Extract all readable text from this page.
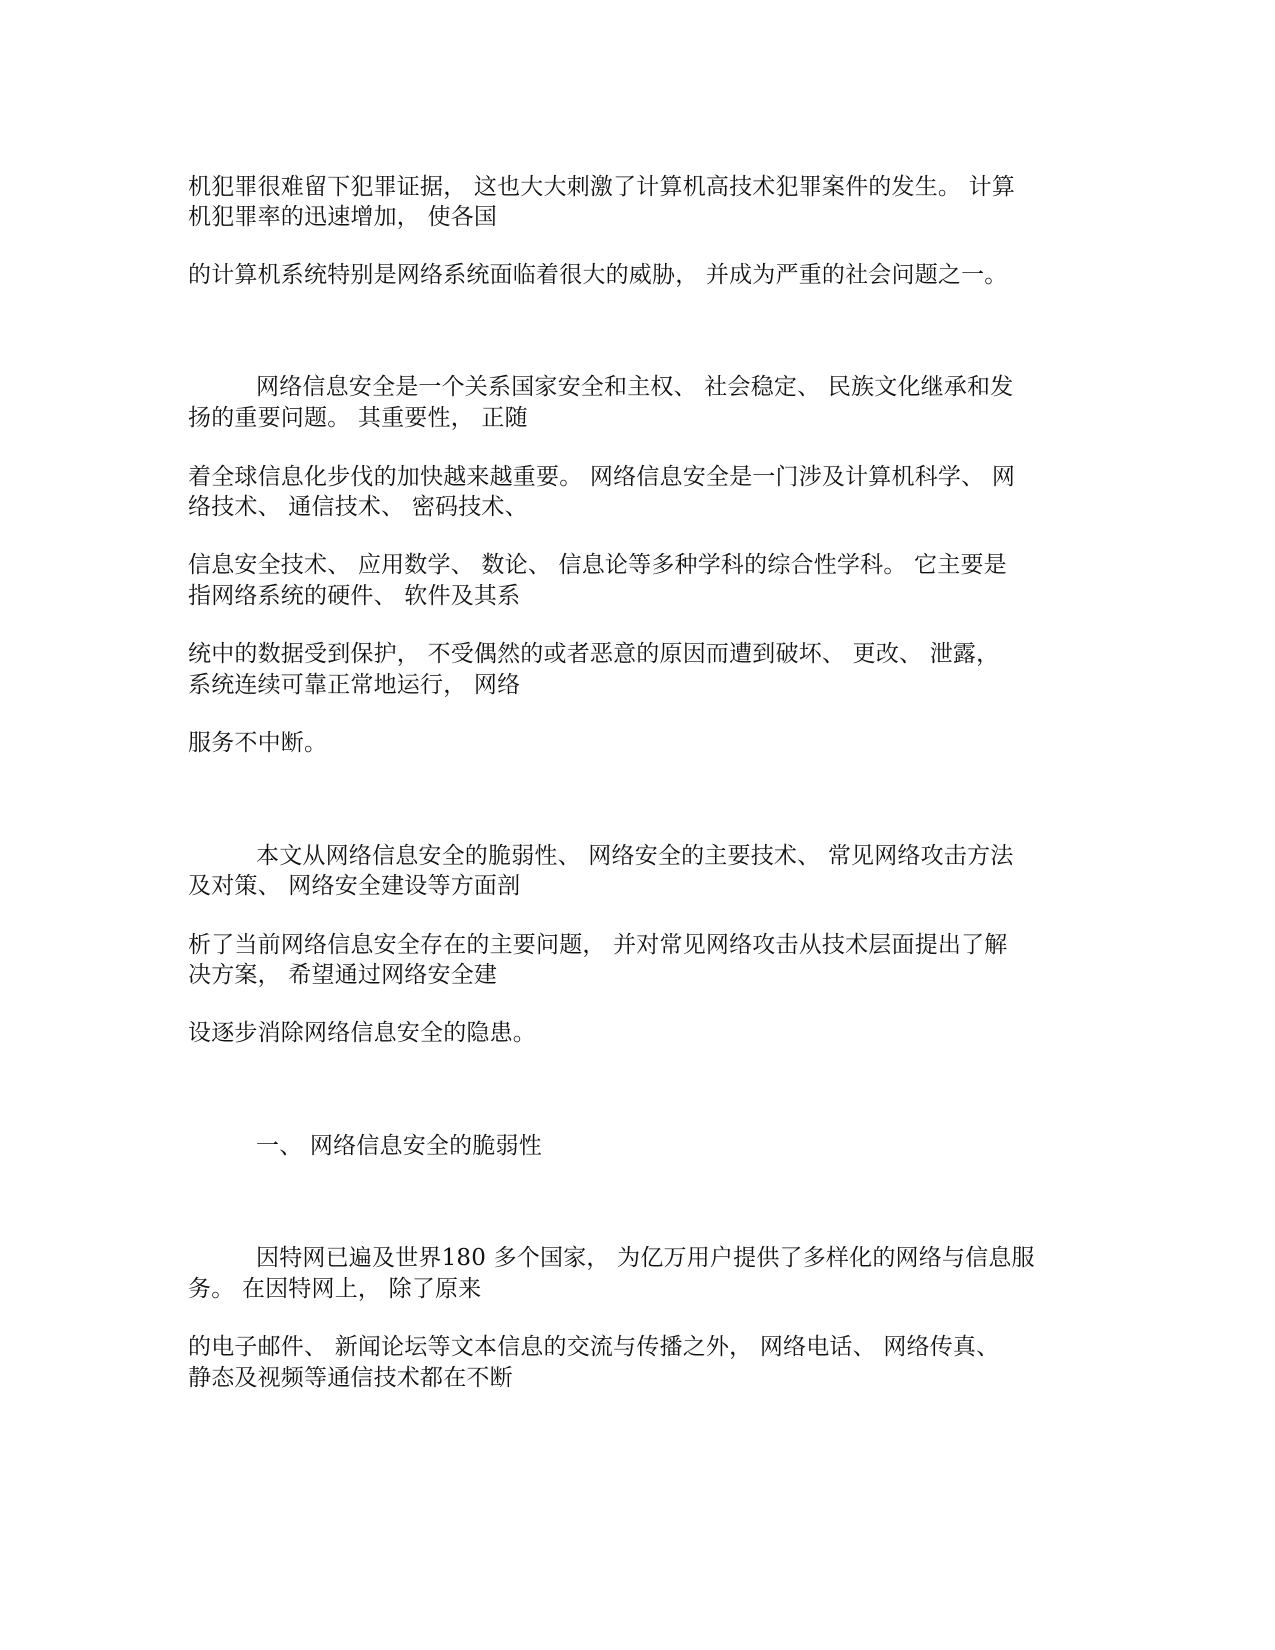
机犯罪很难留下犯罪证据， 这也大大刺激了计算机高技术犯罪案件的发生。 计算
机犯罪率的迅速增加， 使各国
的计算机系统特别是网络系统面临着很大的威胁， 并成为严重的社会问题之一。
网络信息安全是一个关系国家安全和主权、 社会稳定、 民族文化继承和发
扬的重要问题。 其重要性， 正随
着全球信息化步伐的加快越来越重要。 网络信息安全是一门涉及计算机科学、 网
络技术、 通信技术、 密码技术、
信息安全技术、 应用数学、 数论、 信息论等多种学科的综合性学科。 它主要是
指网络系统的硬件、 软件及其系
统中的数据受到保护， 不受偶然的或者恶意的原因而遭到破坏、 更改、 泄露，
系统连续可靠正常地运行， 网络
服务不中断。
本文从网络信息安全的脆弱性、 网络安全的主要技术、 常见网络攻击方法
及对策、 网络安全建设等方面剖
析了当前网络信息安全存在的主要问题， 并对常见网络攻击从技术层面提出了解
决方案， 希望通过网络安全建
设逐步消除网络信息安全的隐患。
一、 网络信息安全的脆弱性
因特网已遍及世界180 多个国家， 为亿万用户提供了多样化的网络与信息服
务。 在因特网上， 除了原来
的电子邮件、 新闻论坛等文本信息的交流与传播之外， 网络电话、 网络传真、
静态及视频等通信技术都在不断
